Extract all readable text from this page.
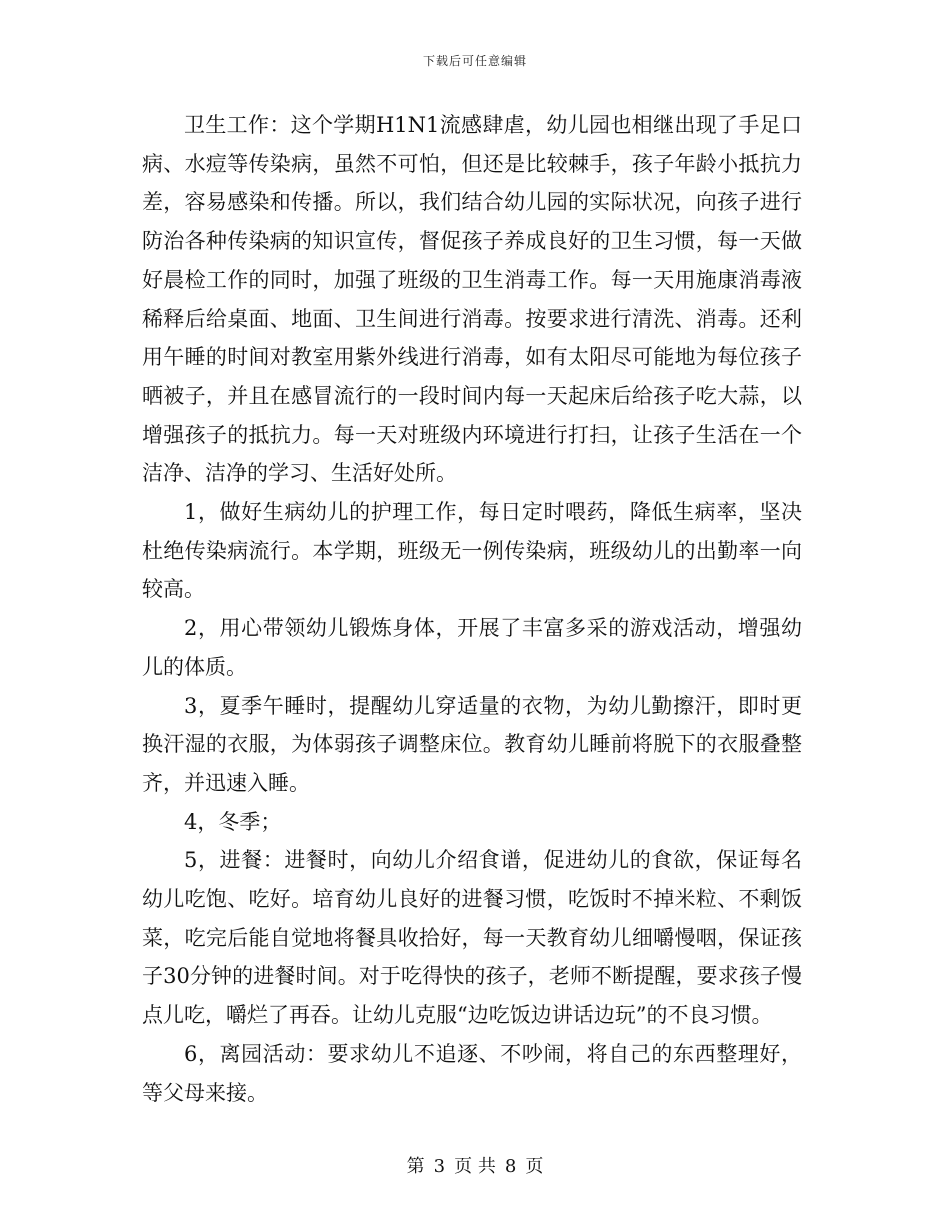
下载后可任意编辑

卫生工作：这个学期H1N1流感肆虐，幼儿园也相继出现了手足口病、水痘等传染病，虽然不可怕，但还是比较棘手，孩子年龄小抵抗力差，容易感染和传播。所以，我们结合幼儿园的实际状况，向孩子进行防治各种传染病的知识宣传，督促孩子养成良好的卫生习惯，每一天做好晨检工作的同时，加强了班级的卫生消毒工作。每一天用施康消毒液稀释后给桌面、地面、卫生间进行消毒。按要求进行清洗、消毒。还利用午睡的时间对教室用紫外线进行消毒，如有太阳尽可能地为每位孩子晒被子，并且在感冒流行的一段时间内每一天起床后给孩子吃大蒜，以增强孩子的抵抗力。每一天对班级内环境进行打扫，让孩子生活在一个洁净、洁净的学习、生活好处所。

1，做好生病幼儿的护理工作，每日定时喂药，降低生病率，坚决杜绝传染病流行。本学期，班级无一例传染病，班级幼儿的出勤率一向较高。

2，用心带领幼儿锻炼身体，开展了丰富多采的游戏活动，增强幼儿的体质。

3，夏季午睡时，提醒幼儿穿适量的衣物，为幼儿勤擦汗，即时更换汗湿的衣服，为体弱孩子调整床位。教育幼儿睡前将脱下的衣服叠整齐，并迅速入睡。

4，冬季；

5，进餐：进餐时，向幼儿介绍食谱，促进幼儿的食欲，保证每名幼儿吃饱、吃好。培育幼儿良好的进餐习惯，吃饭时不掉米粒、不剩饭菜，吃完后能自觉地将餐具收拾好，每一天教育幼儿细嚼慢咽，保证孩子30分钟的进餐时间。对于吃得快的孩子，老师不断提醒，要求孩子慢点儿吃，嚼烂了再吞。让幼儿克服“边吃饭边讲话边玩”的不良习惯。

6，离园活动：要求幼儿不追逐、不吵闹，将自己的东西整理好，等父母来接。

第 3 页 共 8 页
